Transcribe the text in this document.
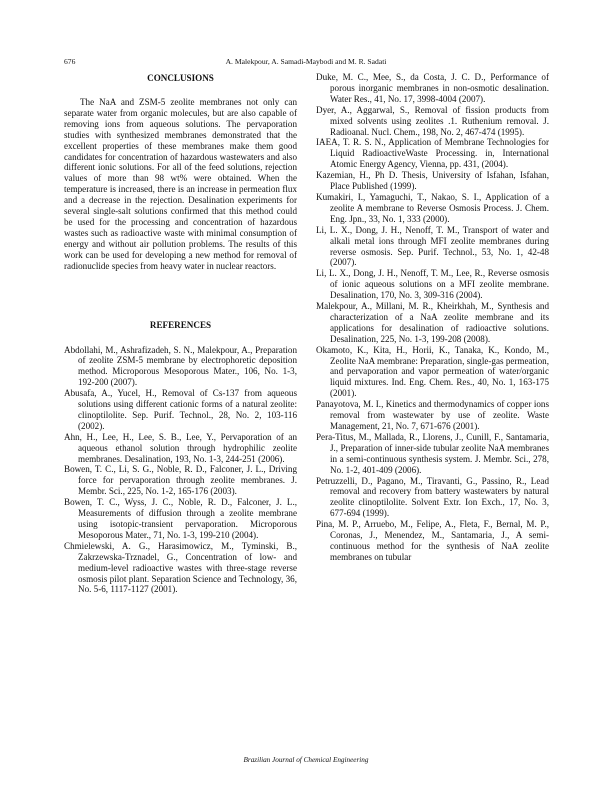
676	A. Malekpour, A. Samadi-Maybodi and M. R. Sadati
CONCLUSIONS

The NaA and ZSM-5 zeolite membranes not only can separate water from organic molecules, but are also capable of removing ions from aqueous solutions. The pervaporation studies with synthesized membranes demonstrated that the excellent properties of these membranes make them good candidates for concentration of hazardous wastewaters and also different ionic solutions. For all of the feed solutions, rejection values of more than 98 wt% were obtained. When the temperature is increased, there is an increase in permeation flux and a decrease in the rejection. Desalination experiments for several single-salt solutions confirmed that this method could be used for the processing and concentration of hazardous wastes such as radioactive waste with minimal consumption of energy and without air pollution problems. The results of this work can be used for developing a new method for removal of radionuclide species from heavy water in nuclear reactors.

REFERENCES
Abdollahi, M., Ashrafizadeh, S. N., Malekpour, A., Preparation of zeolite ZSM-5 membrane by electrophoretic deposition method. Microporous Mesoporous Mater., 106, No. 1-3, 192-200 (2007).
Abusafa, A., Yucel, H., Removal of Cs-137 from aqueous solutions using different cationic forms of a natural zeolite: clinoptilolite. Sep. Purif. Technol., 28, No. 2, 103-116 (2002).
Ahn, H., Lee, H., Lee, S. B., Lee, Y., Pervaporation of an aqueous ethanol solution through hydrophilic zeolite membranes. Desalination, 193, No. 1-3, 244-251 (2006).
Bowen, T. C., Li, S. G., Noble, R. D., Falconer, J. L., Driving force for pervaporation through zeolite membranes. J. Membr. Sci., 225, No. 1-2, 165-176 (2003).
Bowen, T. C., Wyss, J. C., Noble, R. D., Falconer, J. L., Measurements of diffusion through a zeolite membrane using isotopic-transient pervaporation. Microporous Mesoporous Mater., 71, No. 1-3, 199-210 (2004).
Chmielewski, A. G., Harasimowicz, M., Tyminski, B., Zakrzewska-Trznadel, G., Concentration of low- and medium-level radioactive wastes with three-stage reverse osmosis pilot plant. Separation Science and Technology, 36, No. 5-6, 1117-1127 (2001).
Duke, M. C., Mee, S., da Costa, J. C. D., Performance of porous inorganic membranes in non-osmotic desalination. Water Res., 41, No. 17, 3998-4004 (2007).
Dyer, A., Aggarwal, S., Removal of fission products from mixed solvents using zeolites .1. Ruthenium removal. J. Radioanal. Nucl. Chem., 198, No. 2, 467-474 (1995).
IAEA, T. R. S. N., Application of Membrane Technologies for Liquid RadioactiveWaste Processing. in, International Atomic Energy Agency, Vienna, pp. 431, (2004).
Kazemian, H., Ph D. Thesis, University of Isfahan, Isfahan, Place Published (1999).
Kumakiri, I., Yamaguchi, T., Nakao, S. I., Application of a zeolite A membrane to Reverse Osmosis Process. J. Chem. Eng. Jpn., 33, No. 1, 333 (2000).
Li, L. X., Dong, J. H., Nenoff, T. M., Transport of water and alkali metal ions through MFI zeolite membranes during reverse osmosis. Sep. Purif. Technol., 53, No. 1, 42-48 (2007).
Li, L. X., Dong, J. H., Nenoff, T. M., Lee, R., Reverse osmosis of ionic aqueous solutions on a MFI zeolite membrane. Desalination, 170, No. 3, 309-316 (2004).
Malekpour, A., Millani, M. R., Kheirkhah, M., Synthesis and characterization of a NaA zeolite membrane and its applications for desalination of radioactive solutions. Desalination, 225, No. 1-3, 199-208 (2008).
Okamoto, K., Kita, H., Horii, K., Tanaka, K., Kondo, M., Zeolite NaA membrane: Preparation, single-gas permeation, and pervaporation and vapor permeation of water/organic liquid mixtures. Ind. Eng. Chem. Res., 40, No. 1, 163-175 (2001).
Panayotova, M. I., Kinetics and thermodynamics of copper ions removal from wastewater by use of zeolite. Waste Management, 21, No. 7, 671-676 (2001).
Pera-Titus, M., Mallada, R., Llorens, J., Cunill, F., Santamaria, J., Preparation of inner-side tubular zeolite NaA membranes in a semi-continuous synthesis system. J. Membr. Sci., 278, No. 1-2, 401-409 (2006).
Petruzzelli, D., Pagano, M., Tiravanti, G., Passino, R., Lead removal and recovery from battery wastewaters by natural zeolite clinoptilolite. Solvent Extr. Ion Exch., 17, No. 3, 677-694 (1999).
Pina, M. P., Arruebo, M., Felipe, A., Fleta, F., Bernal, M. P., Coronas, J., Menendez, M., Santamaria, J., A semi-continuous method for the synthesis of NaA zeolite membranes on tubular
Brazilian Journal of Chemical Engineering
